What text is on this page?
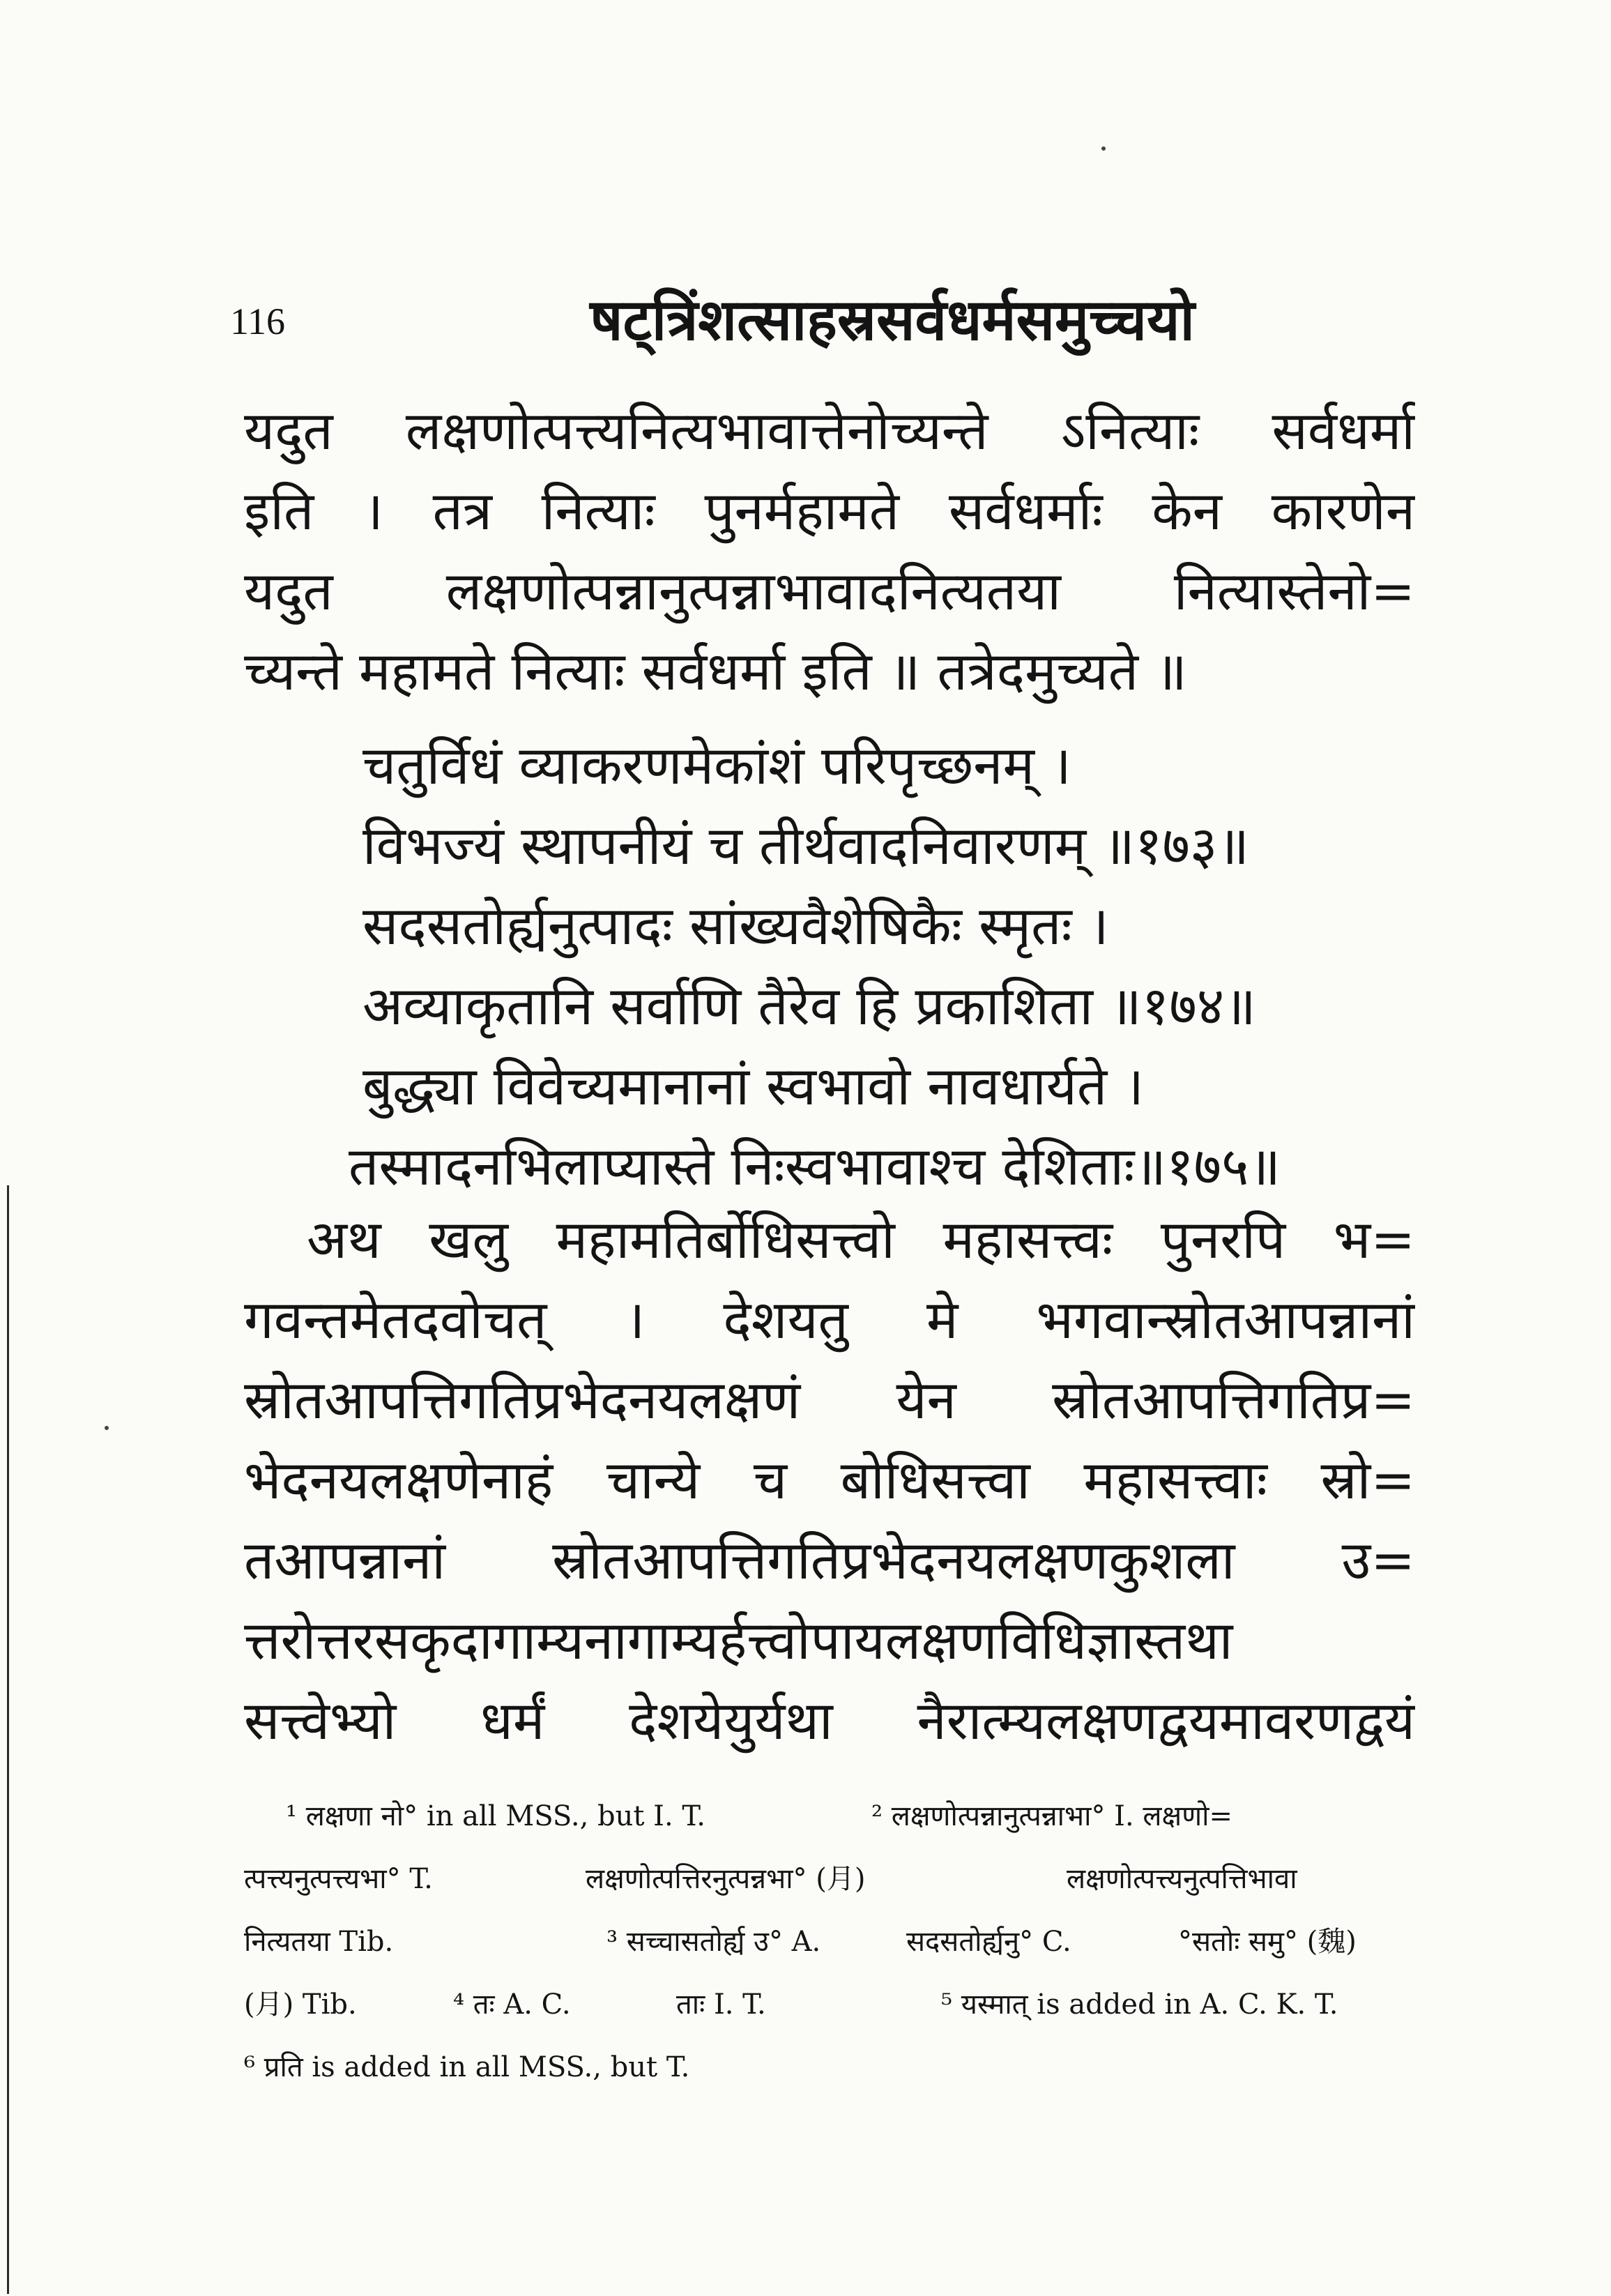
116	षट्त्रिंशत्साहस्रसर्वधर्मसमुच्चयो
यदुत लक्षणोत्पत्त्यनित्यभावात्तेनोच्यन्ते ऽनित्याः सर्वधर्मा
इति । तत्र नित्याः पुनर्महामते सर्वधर्माः केन कारणेन
यदुत लक्षणोत्पन्नानुत्पन्नाभावादनित्यतया नित्यास्तेनो=
च्यन्ते महामते नित्याः सर्वधर्मा इति ॥ तत्रेदमुच्यते ॥
चतुर्विधं व्याकरणमेकांशं परिपृच्छनम् ।
विभज्यं स्थापनीयं च तीर्थवादनिवारणम् ॥१७३॥
सदसतोर्ह्यनुत्पादः सांख्यवैशेषिकैः स्मृतः ।
अव्याकृतानि सर्वाणि तैरेव हि प्रकाशिता ॥१७४॥
बुद्ध्या विवेच्यमानानां स्वभावो नावधार्यते ।
तस्मादनभिलाप्यास्ते निःस्वभावाश्च देशिताः॥१७५॥
अथ खलु महामतिर्बोधिसत्त्वो महासत्त्वः पुनरपि भ=
गवन्तमेतदवोचत् । देशयतु मे भगवान्स्रोतआपन्नानां
स्रोतआपत्तिगतिप्रभेदनयलक्षणं येन स्रोतआपत्तिगतिप्र=
भेदनयलक्षणेनाहं चान्ये च बोधिसत्त्वा महासत्त्वाः स्रो=
तआपन्नानां स्रोतआपत्तिगतिप्रभेदनयलक्षणकुशला उ=
त्तरोत्तरसकृदागाम्यनागाम्यर्हत्त्वोपायलक्षणविधिज्ञास्तथा
सत्त्वेभ्यो धर्मं देशयेयुर्यथा नैरात्म्यलक्षणद्वयमावरणद्वयं
¹ लक्षणा नो° in all MSS., but I. T.	² लक्षणोत्पन्नानुत्पन्नाभा° I. लक्षणो=
त्पत्त्यनुत्पत्त्यभा° T.	लक्षणोत्पत्तिरनुत्पन्नभा° (月)	लक्षणोत्पत्त्यनुत्पत्तिभावा
नित्यतया Tib.	³ सच्चासतोर्ह्य उ° A.	सदसतोर्ह्यनु° C.	°सतोः समु° (魏)
(月) Tib.	⁴ तः A. C.	ताः I. T.	⁵ यस्मात् is added in A. C. K. T.
⁶ प्रति is added in all MSS., but T.
